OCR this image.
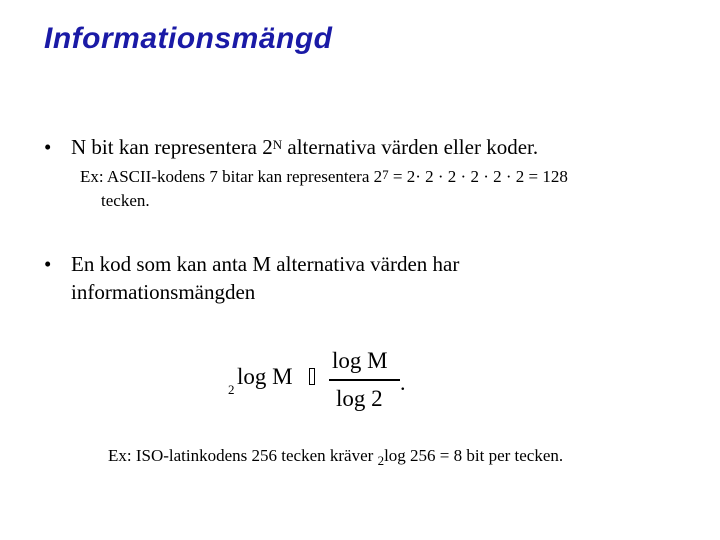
Informationsmängd
• N bit kan representera $2^N$ alternativa värden eller koder.
Ex: ASCII-kodens 7 bitar kan representera $2^7 = 2\cdot 2 \cdot 2 \cdot 2 \cdot 2 \cdot 2 = 128$
tecken.
• En kod som kan anta M alternativa värden har informationsmängden
2
log M
log M
log 2
.
Ex: ISO-latinkodens 256 tecken kräver $_2$log 256 = 8 bit per tecken.
